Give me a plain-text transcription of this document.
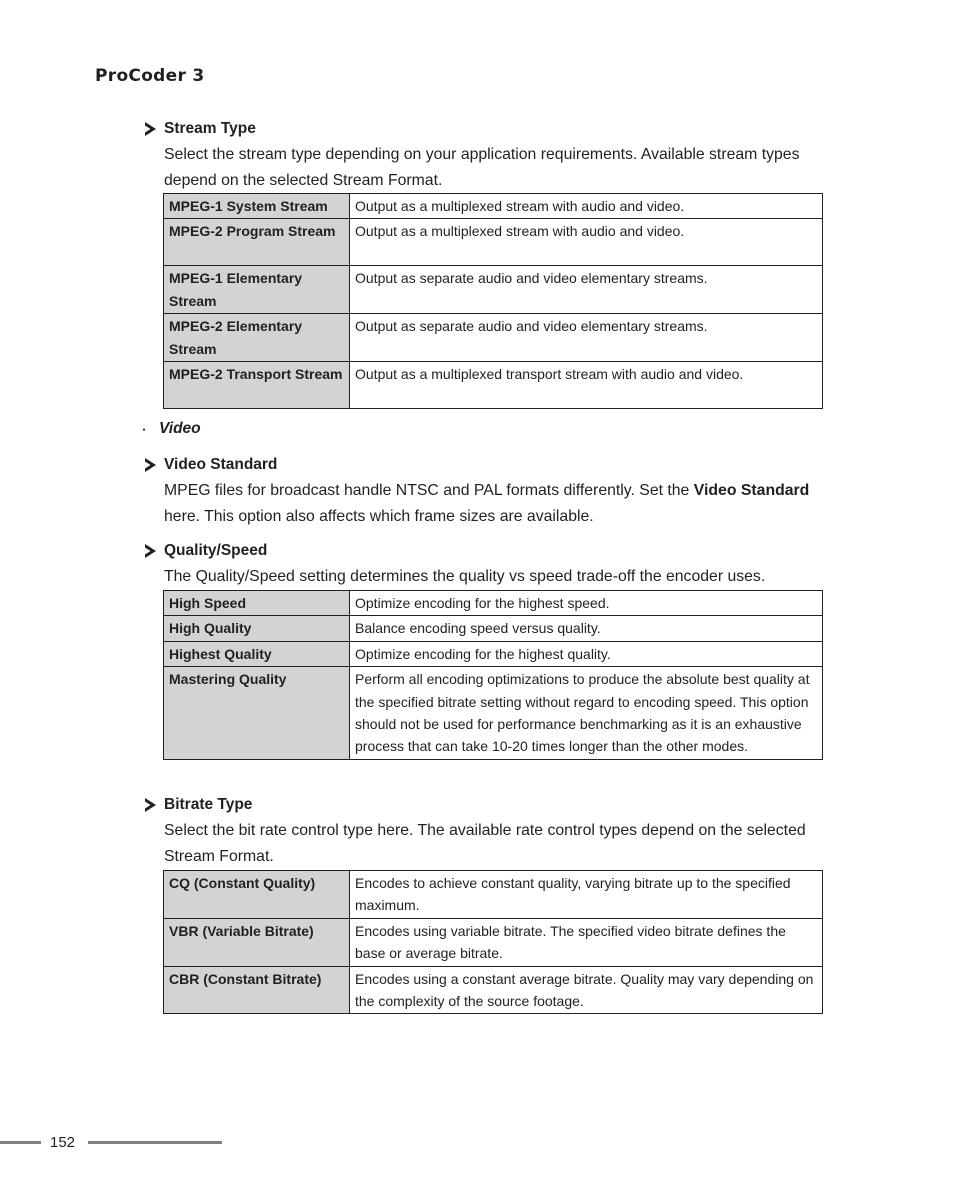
ProCoder 3
Stream Type
Select the stream type depending on your application requirements. Available stream types depend on the selected Stream Format.
MPEG-1 System Stream	Output as a multiplexed stream with audio and video.
MPEG-2 Program Stream	Output as a multiplexed stream with audio and video.
MPEG-1 Elementary Stream	Output as separate audio and video elementary streams.
MPEG-2 Elementary Stream	Output as separate audio and video elementary streams.
MPEG-2 Transport Stream	Output as a multiplexed transport stream with audio and video.
・ Video
Video Standard
MPEG files for broadcast handle NTSC and PAL formats differently. Set the Video Standard here. This option also affects which frame sizes are available.
Quality/Speed
The Quality/Speed setting determines the quality vs speed trade-off the encoder uses.
High Speed	Optimize encoding for the highest speed.
High Quality	Balance encoding speed versus quality.
Highest Quality	Optimize encoding for the highest quality.
Mastering Quality	Perform all encoding optimizations to produce the absolute best quality at the specified bitrate setting without regard to encoding speed. This option should not be used for performance benchmarking as it is an exhaustive process that can take 10-20 times longer than the other modes.
Bitrate Type
Select the bit rate control type here. The available rate control types depend on the selected Stream Format.
CQ (Constant Quality)	Encodes to achieve constant quality, varying bitrate up to the specified maximum.
VBR (Variable Bitrate)	Encodes using variable bitrate. The specified video bitrate defines the base or average bitrate.
CBR (Constant Bitrate)	Encodes using a constant average bitrate. Quality may vary depending on the complexity of the source footage.
152
